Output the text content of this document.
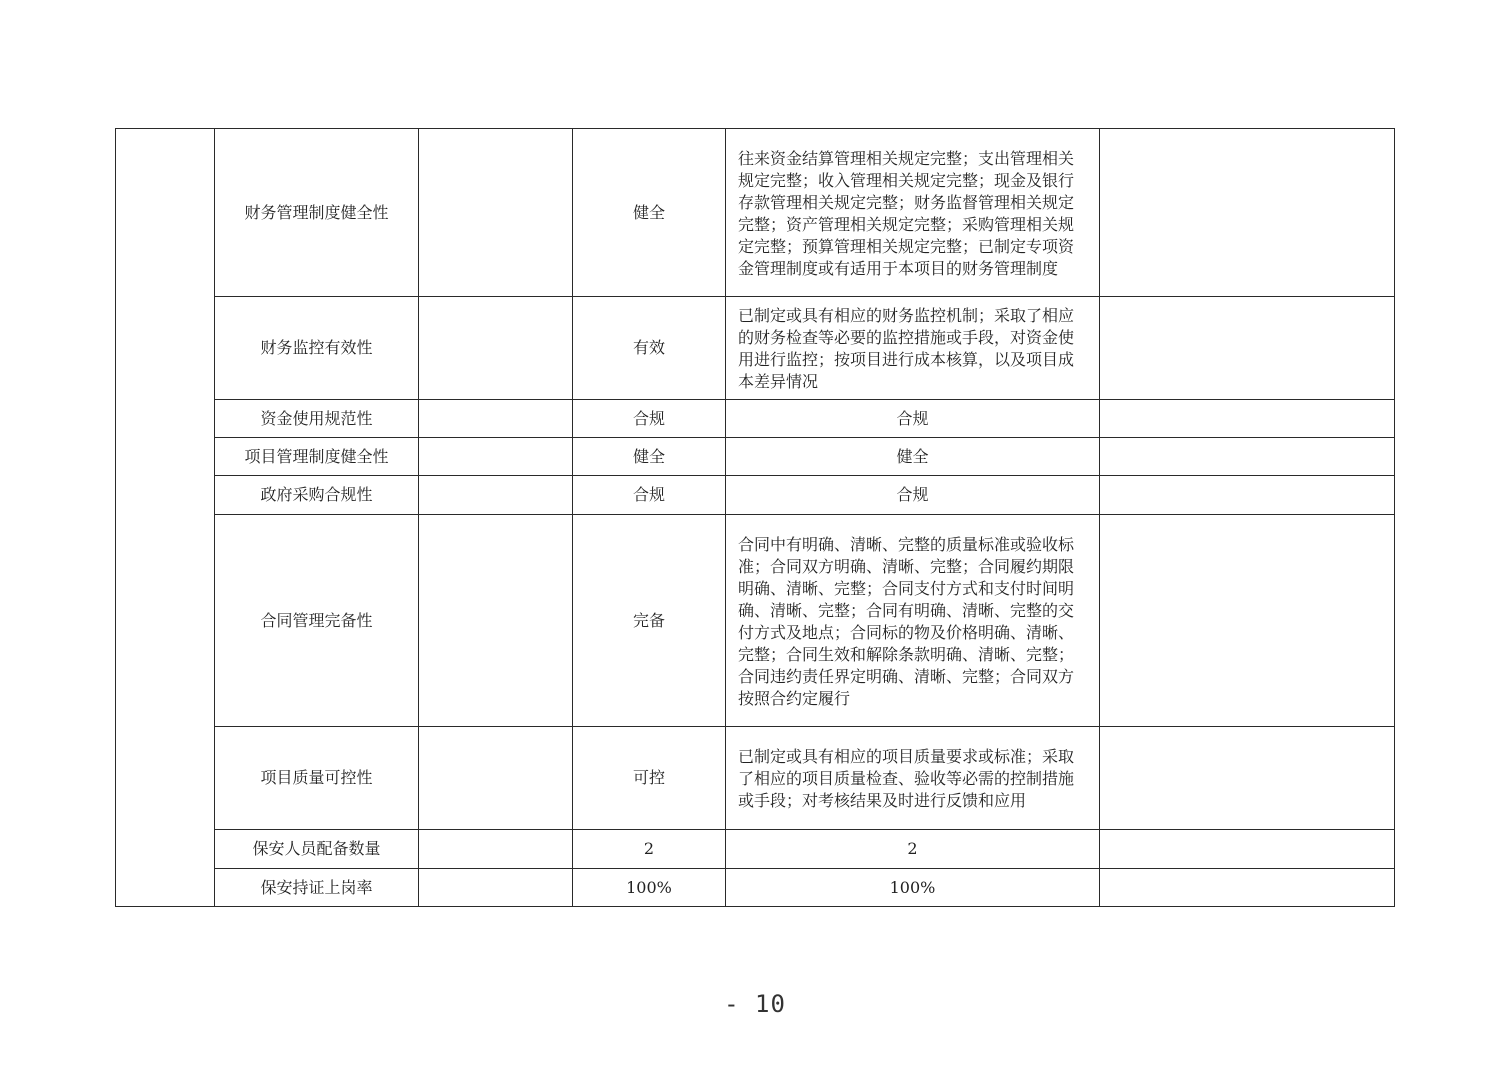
	财务管理制度健全性		健全	往来资金结算管理相关规定完整；支出管理相关规定完整；收入管理相关规定完整；现金及银行存款管理相关规定完整；财务监督管理相关规定完整；资产管理相关规定完整；采购管理相关规定完整；预算管理相关规定完整；已制定专项资金管理制度或有适用于本项目的财务管理制度	

	财务监控有效性		有效	已制定或具有相应的财务监控机制；采取了相应的财务检查等必要的监控措施或手段，对资金使用进行监控；按项目进行成本核算，以及项目成本差异情况	

	资金使用规范性		合规	合规	
	项目管理制度健全性		健全	健全	
	政府采购合规性		合规	合规	
	合同管理完备性		完备	合同中有明确、清晰、完整的质量标准或验收标准；合同双方明确、清晰、完整；合同履约期限明确、清晰、完整；合同支付方式和支付时间明确、清晰、完整；合同有明确、清晰、完整的交付方式及地点；合同标的物及价格明确、清晰、完整；合同生效和解除条款明确、清晰、完整；合同违约责任界定明确、清晰、完整；合同双方按照合约定履行	

	项目质量可控性		可控	已制定或具有相应的项目质量要求或标准；采取了相应的项目质量检查、验收等必需的控制措施或手段；对考核结果及时进行反馈和应用	

	保安人员配备数量		2	2	
	保安持证上岗率		100%	100%	
- 10
